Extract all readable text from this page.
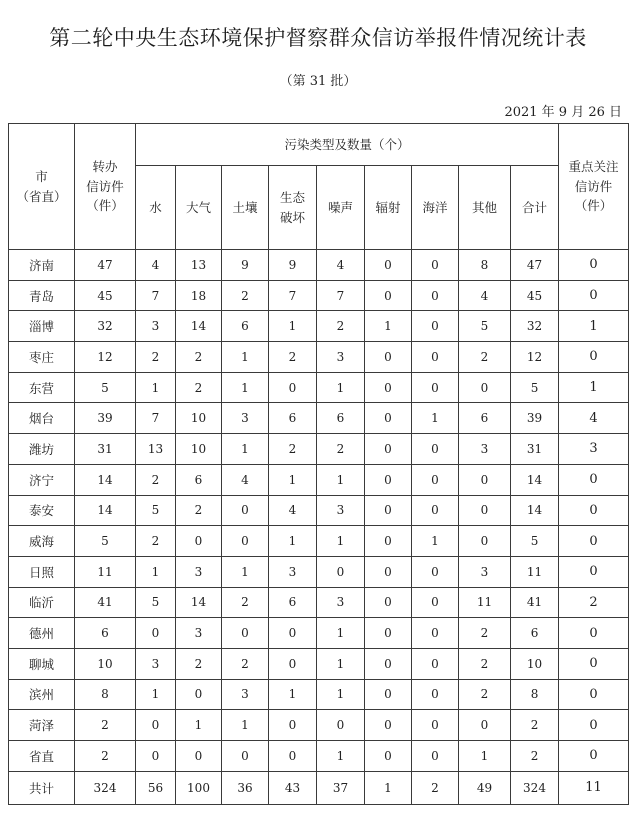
第二轮中央生态环境保护督察群众信访举报件情况统计表
（第 31 批）
2021 年 9 月 26 日
市
（省直）	转办
信访件
（件）	污染类型及数量（个）									重点关注
信访件
（件）
		水	大气	土壤	生态
破坏	噪声	辐射	海洋	其他	合计	
济南	47	4	13	9	9	4	0	0	8	47	0
青岛	45	7	18	2	7	7	0	0	4	45	0
淄博	32	3	14	6	1	2	1	0	5	32	1
枣庄	12	2	2	1	2	3	0	0	2	12	0
东营	5	1	2	1	0	1	0	0	0	5	1
烟台	39	7	10	3	6	6	0	1	6	39	4
潍坊	31	13	10	1	2	2	0	0	3	31	3
济宁	14	2	6	4	1	1	0	0	0	14	0
泰安	14	5	2	0	4	3	0	0	0	14	0
威海	5	2	0	0	1	1	0	1	0	5	0
日照	11	1	3	1	3	0	0	0	3	11	0
临沂	41	5	14	2	6	3	0	0	11	41	2
德州	6	0	3	0	0	1	0	0	2	6	0
聊城	10	3	2	2	0	1	0	0	2	10	0
滨州	8	1	0	3	1	1	0	0	2	8	0
菏泽	2	0	1	1	0	0	0	0	0	2	0
省直	2	0	0	0	0	1	0	0	1	2	0
共计	324	56	100	36	43	37	1	2	49	324	11
